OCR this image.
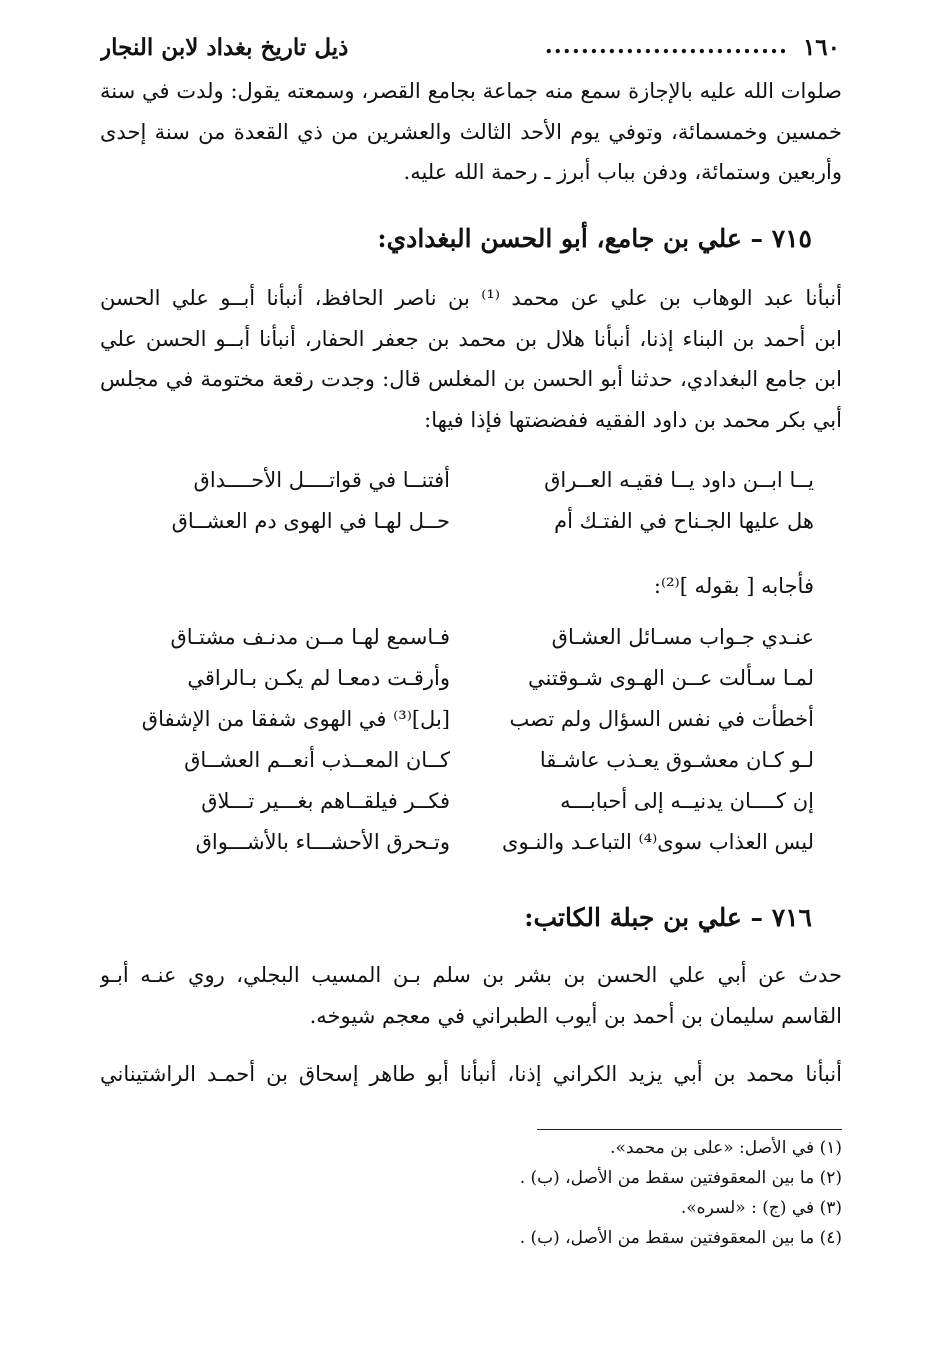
١٦٠
...........................
ذيل تاريخ بغداد لابن النجار
صلوات الله عليه بالإجازة سمع منه جماعة بجامع القصر، وسمعته يقول: ولدت في سنة
خمسين وخمسمائة، وتوفي يوم الأحد الثالث والعشرين من ذي القعدة من سنة إحدى
وأربعين وستمائة، ودفن بباب أبرز ـ رحمة الله عليه.
٧١٥ – علي بن جامع، أبو الحسن البغدادي:
أنبأنا عبد الوهاب بن علي عن محمد ⁽¹⁾ بن ناصر الحافظ، أنبأنا أبــو علي الحسن
ابن أحمد بن البناء إذنا، أنبأنا هلال بن محمد بن جعفر الحفار، أنبأنا أبــو الحسن علي
ابن جامع البغدادي، حدثنا أبو الحسن بن المغلس قال: وجدت رقعة مختومة في مجلس
أبي بكر محمد بن داود الفقيه ففضضتها فإذا فيها:
يــا ابــن داود يــا فقيـه العــراق
أفتنــا في قواتــــل الأحــــداق
هل عليها الجـناح في الفتـك أم
حــل لهـا في الهوى دم العشــاق
فأجابه [ بقوله ]⁽²⁾:
عنـدي جـواب مسـائل العشـاق
فـاسمع لهـا مــن مدنـف مشتـاق
لمـا سـألت عــن الهـوى شـوقتني
وأرقـت دمعـا لم يكـن بـالراقي
أخطأت في نفس السؤال ولم تصب
[بل]⁽³⁾ في الهوى شفقا من الإشفاق
لـو كـان معشـوق يعـذب عاشـقا
كــان المعــذب أنعــم العشــاق
إن كــــان يدنيــه إلى أحبابـــه
فكــر فيلقــاهم بغـــير تـــلاق
ليس العذاب سوى⁽⁴⁾ التباعـد والنـوى
وتـحرق الأحشـــاء بالأشـــواق
٧١٦ – علي بن جبلة الكاتب:
حدث عن أبي علي الحسن بن بشر بن سلم بـن المسيب البجلي، روي عنـه أبـو
القاسم سليمان بن أحمد بن أيوب الطبراني في معجم شيوخه.
أنبأنا محمد بن أبي يزيد الكراني إذنا، أنبأنا أبو طاهر إسحاق بن أحمـد الراشتيناني
(١) في الأصل: «على بن محمد».
(٢) ما بين المعقوفتين سقط من الأصل، (ب) .
(٣) في (ج) : «لسره».
(٤) ما بين المعقوفتين سقط من الأصل، (ب) .
